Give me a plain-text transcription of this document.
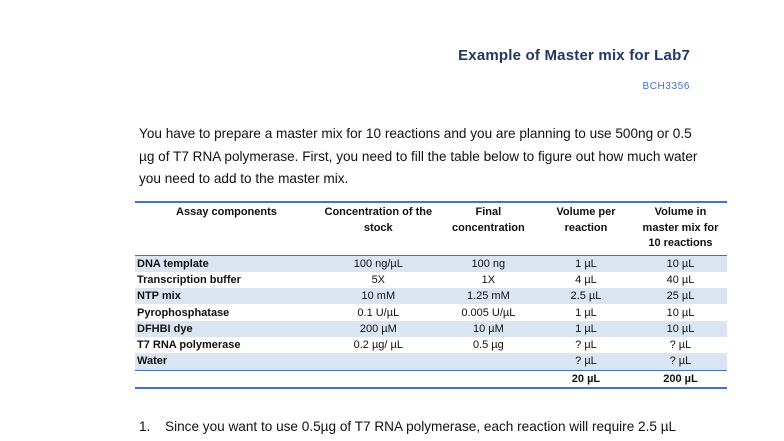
Example of Master mix for Lab7
BCH3356
You have to prepare a master mix for 10 reactions and you are planning to use 500ng or 0.5 µg of T7 RNA polymerase. First, you need to fill the table below to figure out how much water you need to add to the master mix.
Assay components	Concentration of the stock	Final concentration	Volume per reaction	Volume in master mix for 10 reactions
DNA template	100 ng/µL	100 ng	1 µL	10 µL
Transcription buffer	5X	1X	4 µL	40 µL
NTP mix	10 mM	1.25 mM	2.5 µL	25 µL
Pyrophosphatase	0.1 U/µL	0.005 U/µL	1 µL	10 µL
DFHBI dye	200 µM	10 µM	1 µL	10 µL
T7 RNA polymerase	0.2 µg/ µL	0.5 µg	? µL	? µL
Water			? µL	? µL
			20 µL	200 µL
1. Since you want to use 0.5µg of T7 RNA polymerase, each reaction will require 2.5 µL
